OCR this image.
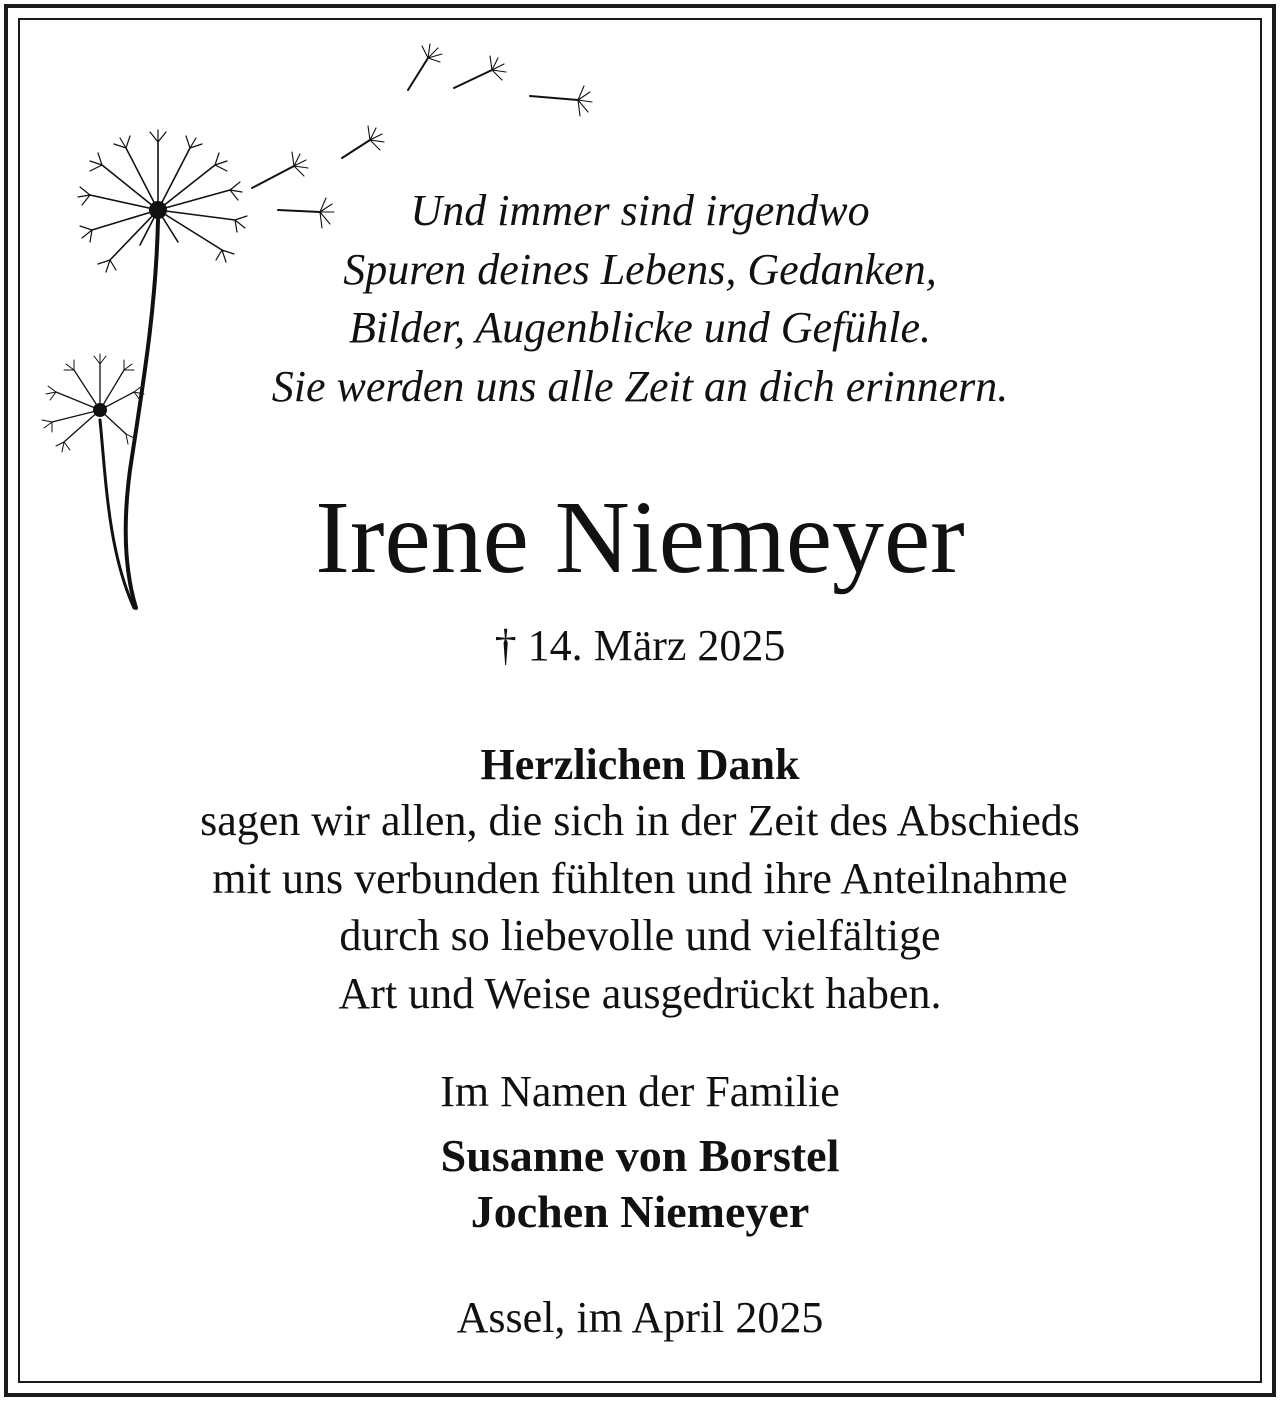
Und immer sind irgendwo
Spuren deines Lebens, Gedanken,
Bilder, Augenblicke und Gefühle.
Sie werden uns alle Zeit an dich erinnern.
Irene Niemeyer
† 14. März 2025
Herzlichen Dank
sagen wir allen, die sich in der Zeit des Abschieds
mit uns verbunden fühlten und ihre Anteilnahme
durch so liebevolle und vielfältige
Art und Weise ausgedrückt haben.
Im Namen der Familie
Susanne von Borstel
Jochen Niemeyer
Assel, im April 2025
